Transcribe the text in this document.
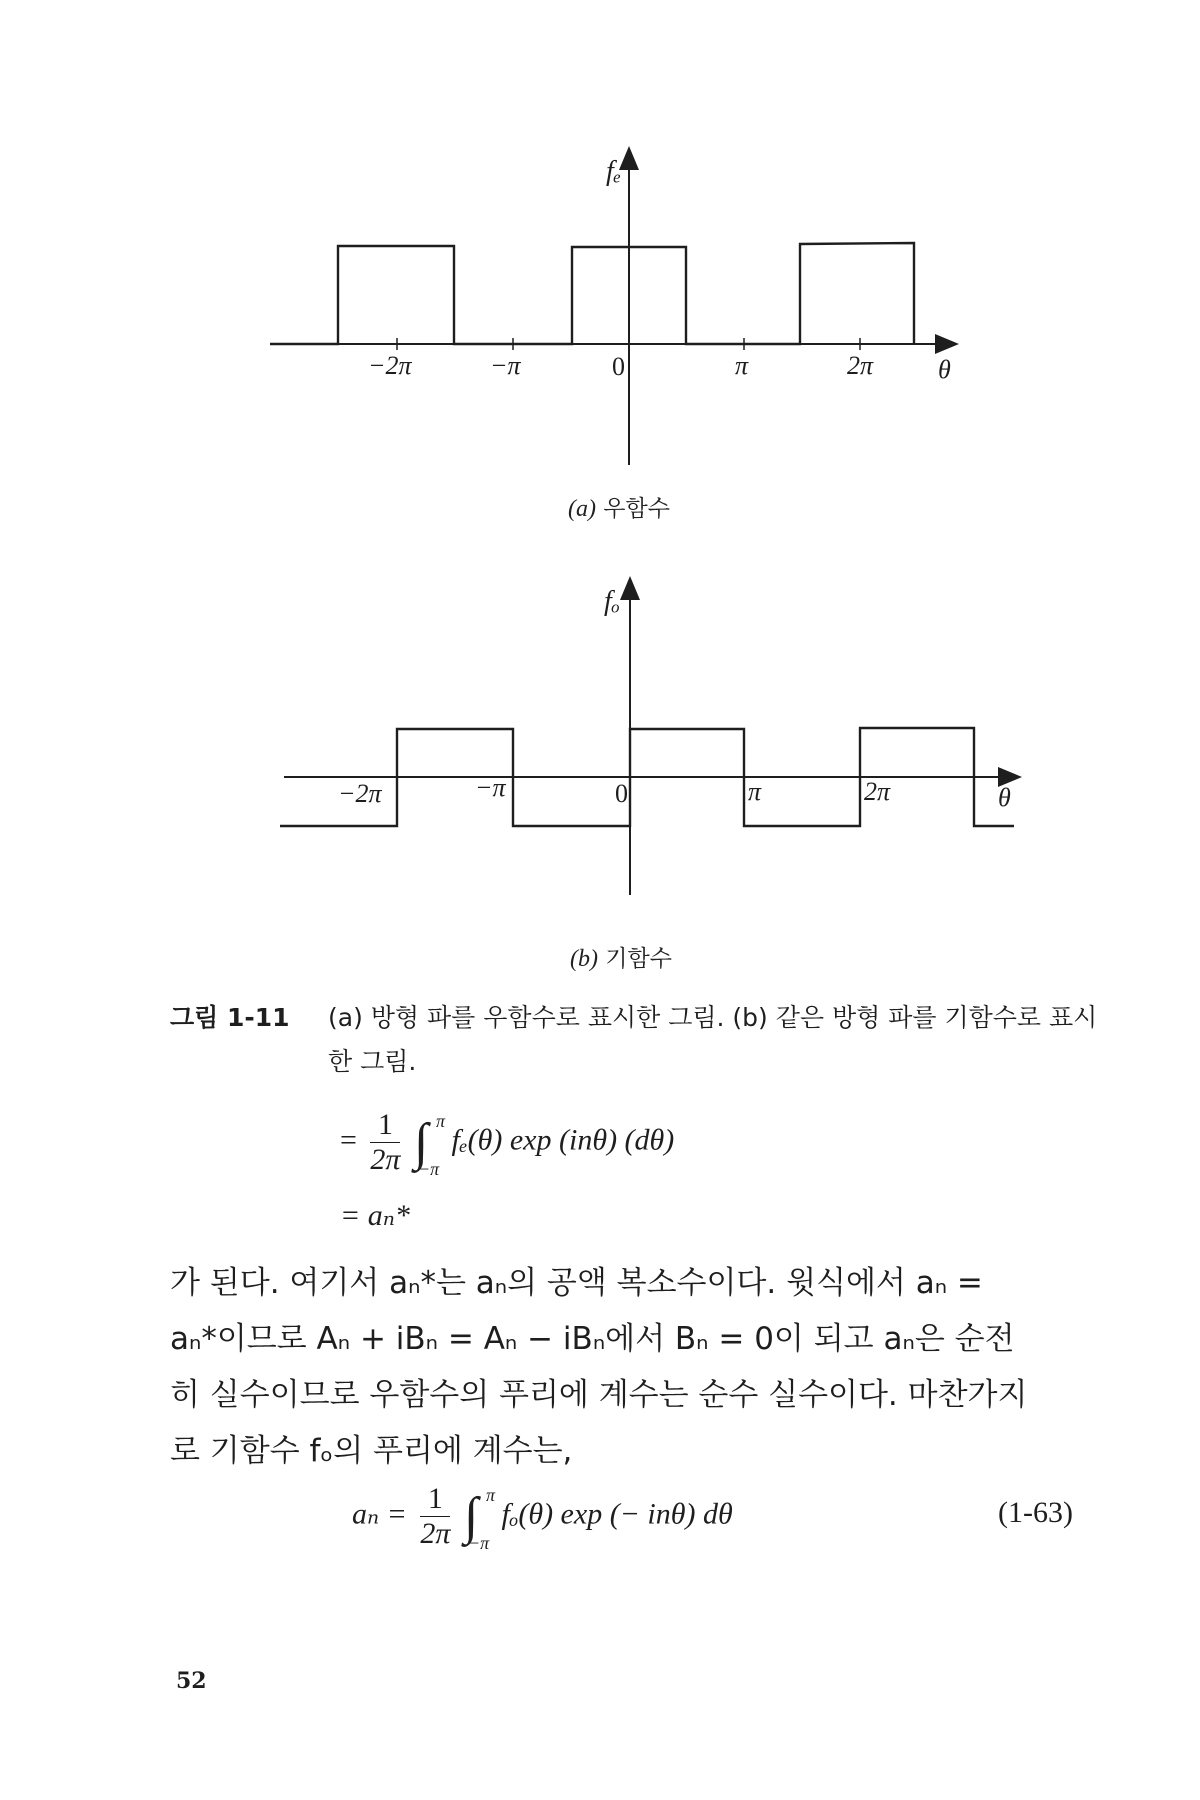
fₑ
−2π	−π	0	π	2π θ
(a) 우함수
fₒ
−2π	−π	0	π	2π	θ
(b) 기함수
그림 1-11 (a) 방형 파를 우함수로 표시한 그림. (b) 같은 방형 파를 기함수로 표시한 그림.
= $\frac{1}{2\pi}$ ∫ π
−π
fₑ(θ) exp (inθ) (dθ)
= aₙ*
가 된다. 여기서 aₙ*는 aₙ의 공액 복소수이다. 윗식에서 aₙ =
aₙ*이므로 Aₙ + iBₙ = Aₙ − iBₙ에서 Bₙ = 0이 되고 aₙ은 순전
히 실수이므로 우함수의 푸리에 계수는 순수 실수이다. 마찬가지
로 기함수 fₒ의 푸리에 계수는,
$a_n = \frac{1}{2\pi}$ ∫ π
−π
fₒ(θ) exp (− inθ) dθ	(1-63)
52
